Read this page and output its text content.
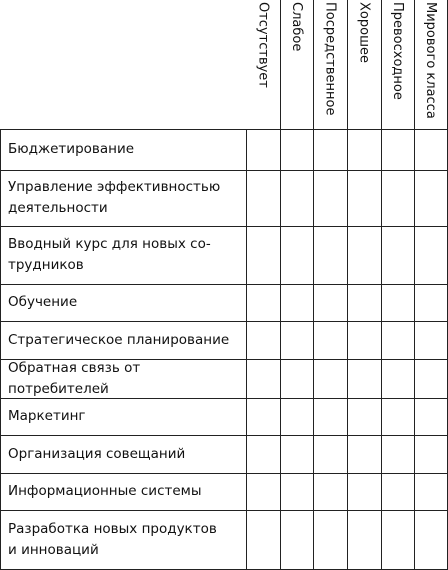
Отсутствует Слабое Посредственное Хорошее Превосходное Мирового класса
Бюджетирование
Управление эффективностью
деятельности
Вводный курс для новых со-
трудников
Обучение
Стратегическое планирование
Обратная связь от потребителей
Маркетинг
Организация совещаний
Информационные системы
Разработка новых продуктов
и инноваций
